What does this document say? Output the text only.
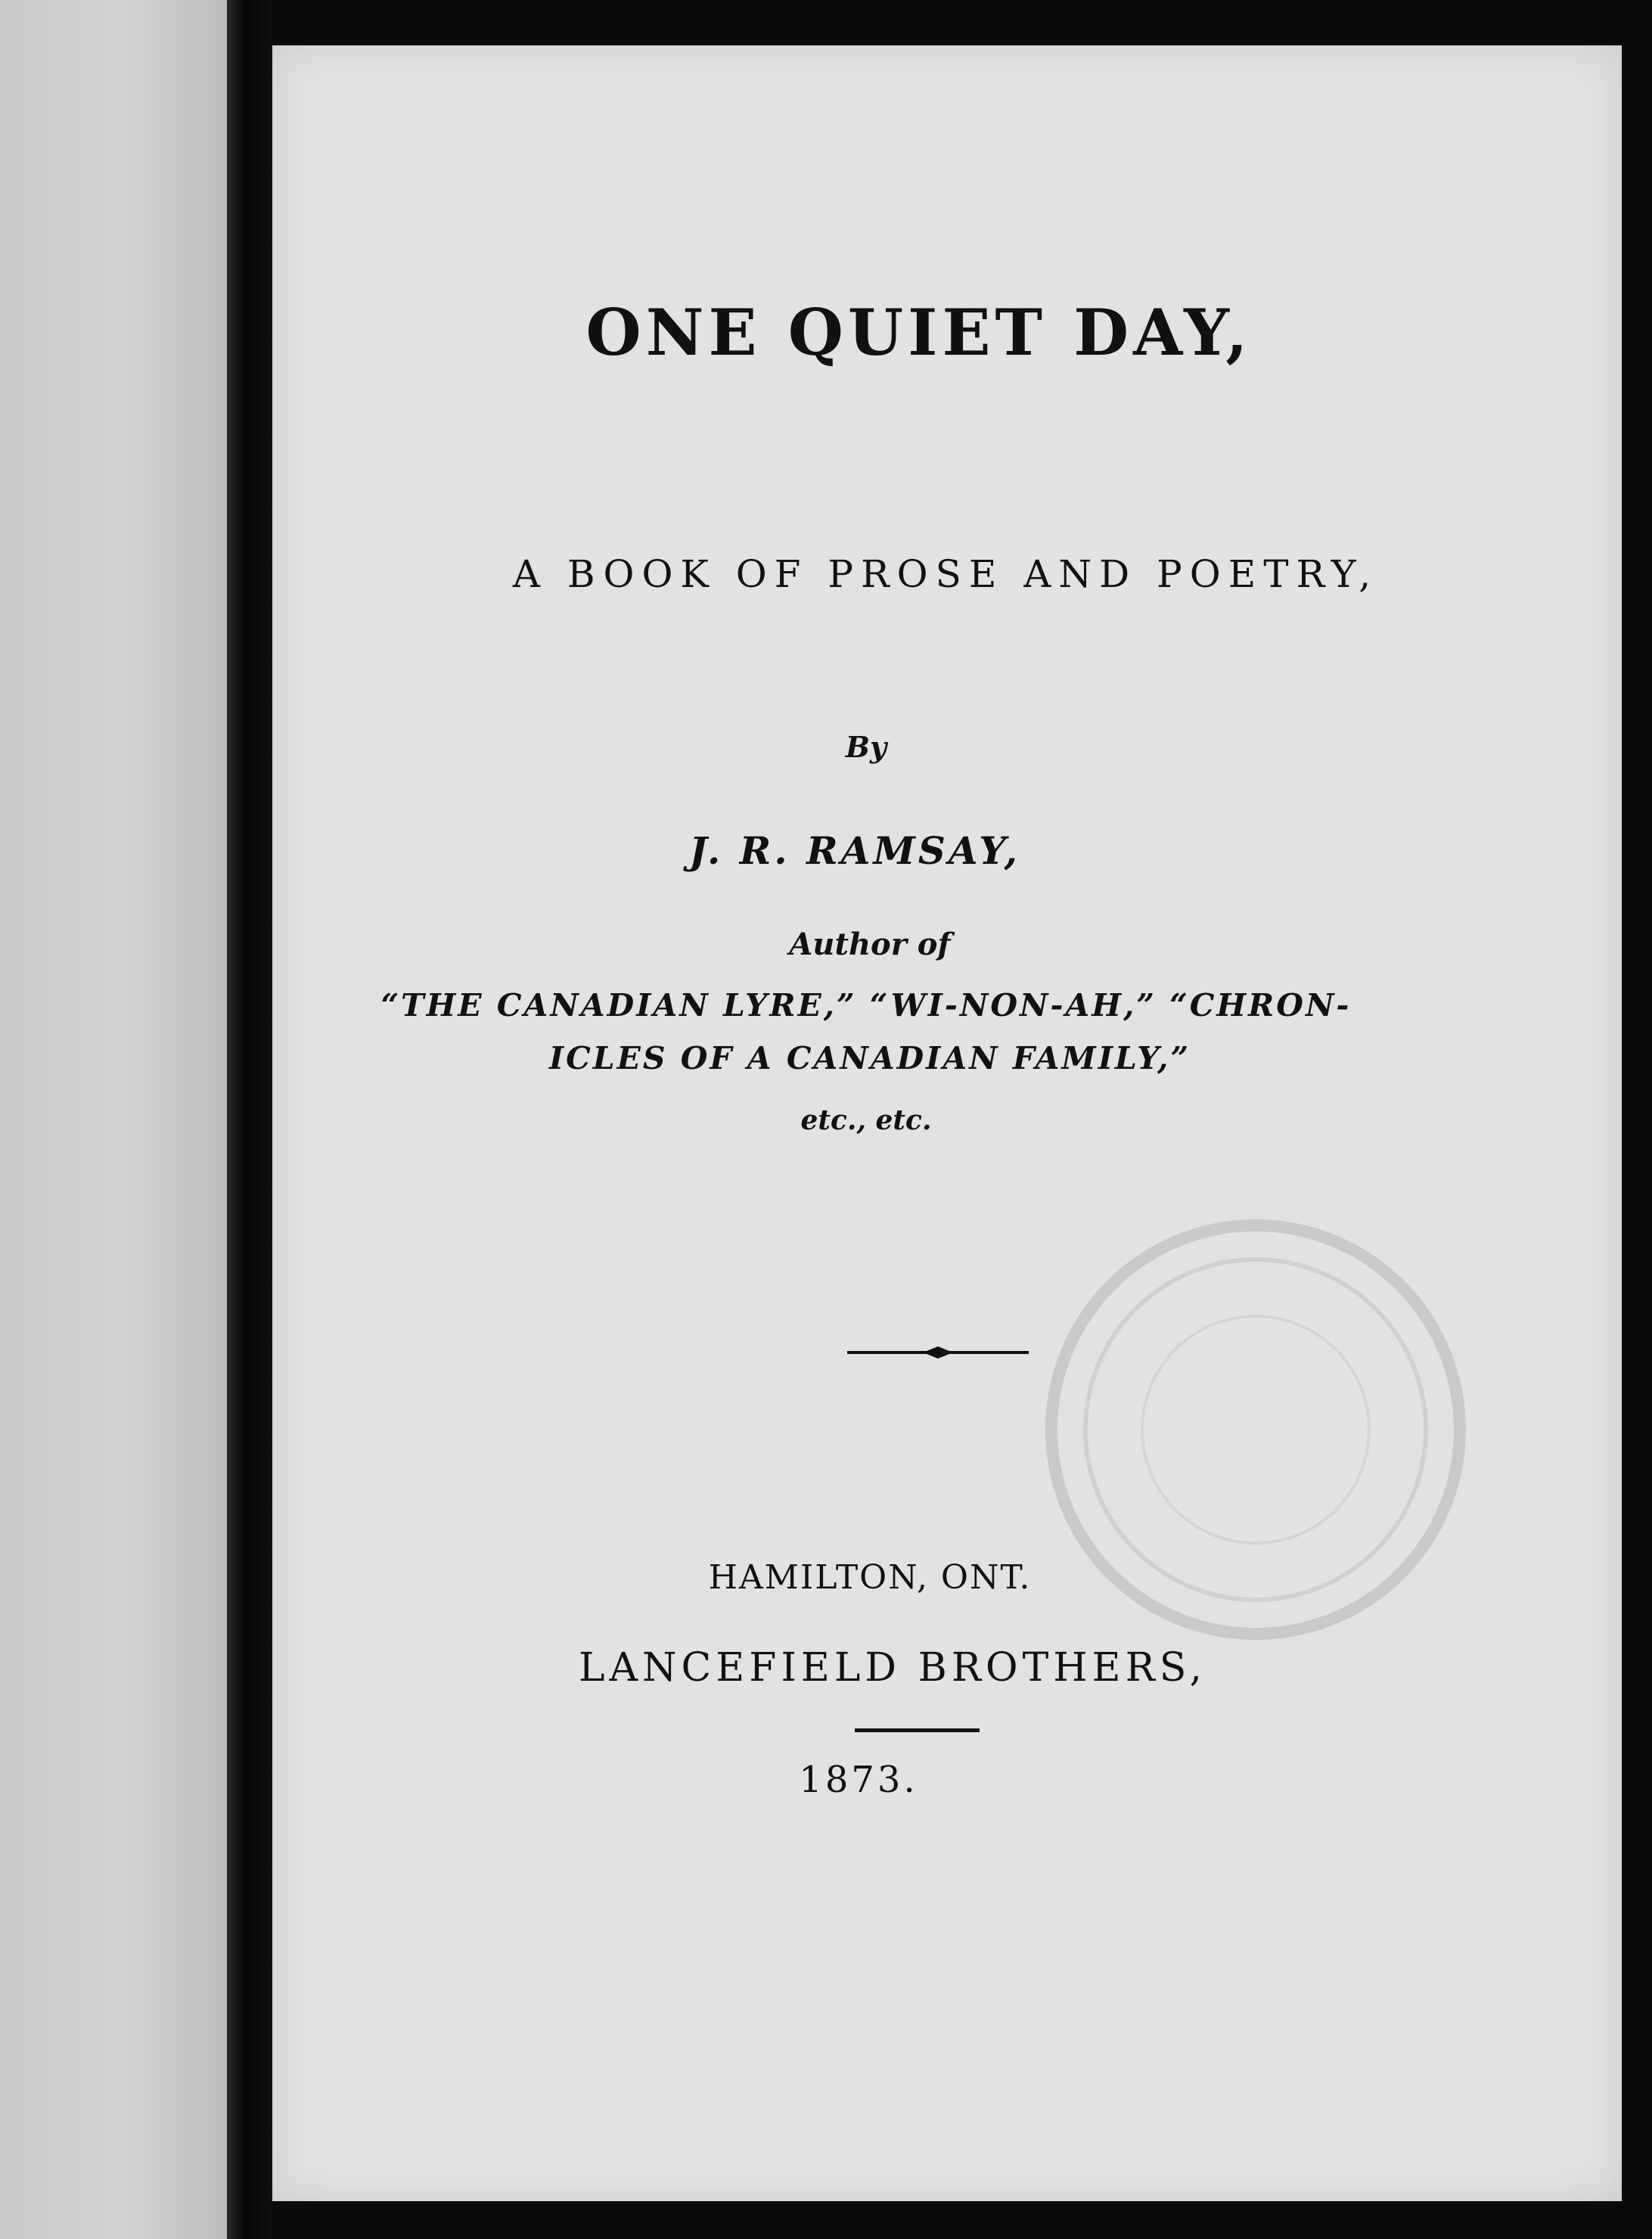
ONE QUIET DAY,
A BOOK OF PROSE AND POETRY,
By
J. R. RAMSAY,
Author of
“THE CANADIAN LYRE,” “WI-NON-AH,” “CHRON-
ICLES OF A CANADIAN FAMILY,”
etc., etc.
HAMILTON, ONT.
LANCEFIELD BROTHERS,
1873.
